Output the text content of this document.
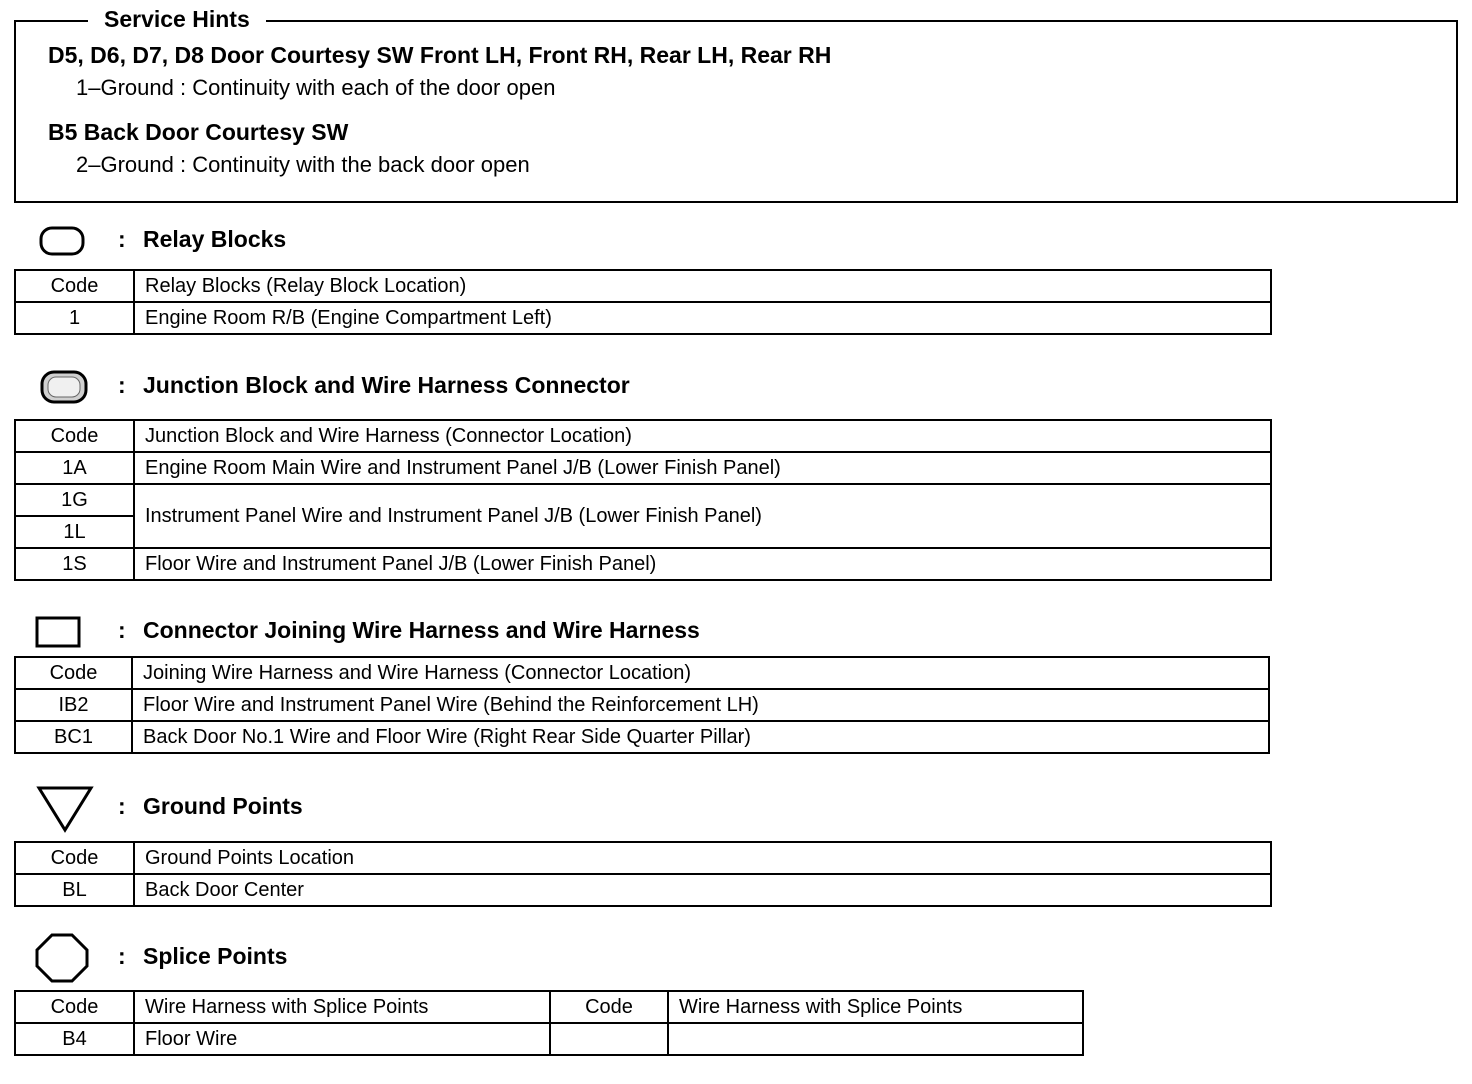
Service Hints
D5, D6, D7, D8 Door Courtesy SW Front LH, Front RH, Rear LH, Rear RH
1–Ground : Continuity with each of the door open
B5 Back Door Courtesy SW
2–Ground : Continuity with the back door open
: Relay Blocks
Code	Relay Blocks (Relay Block Location)
1	Engine Room R/B (Engine Compartment Left)
: Junction Block and Wire Harness Connector
Code	Junction Block and Wire Harness (Connector Location)
1A	Engine Room Main Wire and Instrument Panel J/B (Lower Finish Panel)
1G	Instrument Panel Wire and Instrument Panel J/B (Lower Finish Panel)
1L	
1S	Floor Wire and Instrument Panel J/B (Lower Finish Panel)
: Connector Joining Wire Harness and Wire Harness
Code	Joining Wire Harness and Wire Harness (Connector Location)
IB2	Floor Wire and Instrument Panel Wire (Behind the Reinforcement LH)
BC1	Back Door No.1 Wire and Floor Wire (Right Rear Side Quarter Pillar)
: Ground Points
Code	Ground Points Location
BL	Back Door Center
: Splice Points
Code	Wire Harness with Splice Points	Code	Wire Harness with Splice Points
B4	Floor Wire		
